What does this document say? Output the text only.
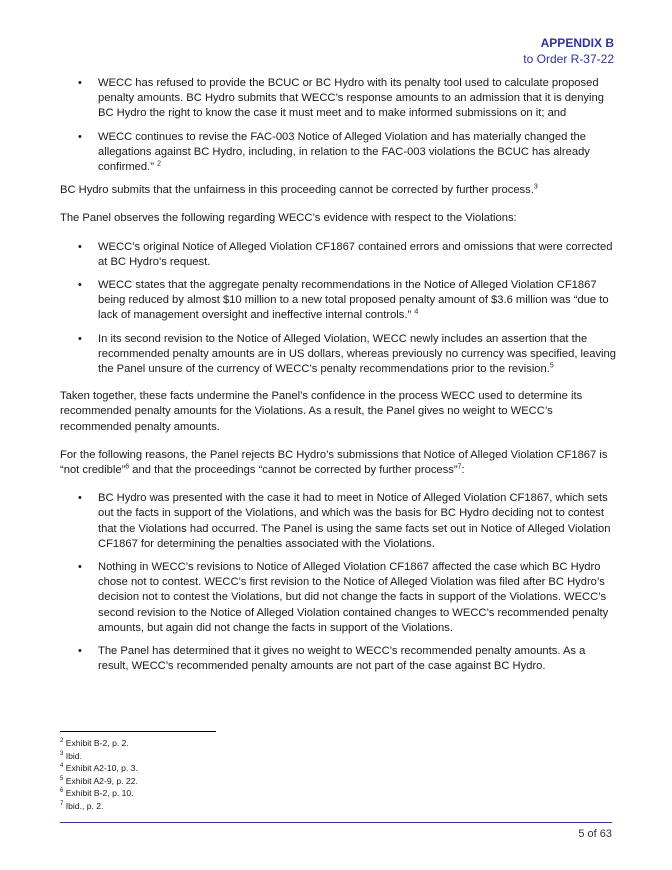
APPENDIX B
to Order R-37-22
• WECC has refused to provide the BCUC or BC Hydro with its penalty tool used to calculate proposed penalty amounts. BC Hydro submits that WECC’s response amounts to an admission that it is denying BC Hydro the right to know the case it must meet and to make informed submissions on it; and
• WECC continues to revise the FAC-003 Notice of Alleged Violation and has materially changed the allegations against BC Hydro, including, in relation to the FAC-003 violations the BCUC has already confirmed.” $^2$

BC Hydro submits that the unfairness in this proceeding cannot be corrected by further process.$^3$

The Panel observes the following regarding WECC’s evidence with respect to the Violations:

• WECC’s original Notice of Alleged Violation CF1867 contained errors and omissions that were corrected at BC Hydro’s request.
• WECC states that the aggregate penalty recommendations in the Notice of Alleged Violation CF1867 being reduced by almost $10 million to a new total proposed penalty amount of $3.6 million was “due to lack of management oversight and ineffective internal controls.” $^4$
• In its second revision to the Notice of Alleged Violation, WECC newly includes an assertion that the recommended penalty amounts are in US dollars, whereas previously no currency was specified, leaving the Panel unsure of the currency of WECC’s penalty recommendations prior to the revision.$^5$

Taken together, these facts undermine the Panel’s confidence in the process WECC used to determine its recommended penalty amounts for the Violations. As a result, the Panel gives no weight to WECC’s recommended penalty amounts.

For the following reasons, the Panel rejects BC Hydro’s submissions that Notice of Alleged Violation CF1867 is “not credible”$^6$ and that the proceedings “cannot be corrected by further process”$^7$:

• BC Hydro was presented with the case it had to meet in Notice of Alleged Violation CF1867, which sets out the facts in support of the Violations, and which was the basis for BC Hydro deciding not to contest that the Violations had occurred. The Panel is using the same facts set out in Notice of Alleged Violation CF1867 for determining the penalties associated with the Violations.
• Nothing in WECC’s revisions to Notice of Alleged Violation CF1867 affected the case which BC Hydro chose not to contest. WECC’s first revision to the Notice of Alleged Violation was filed after BC Hydro’s decision not to contest the Violations, but did not change the facts in support of the Violations. WECC’s second revision to the Notice of Alleged Violation contained changes to WECC’s recommended penalty amounts, but again did not change the facts in support of the Violations.
• The Panel has determined that it gives no weight to WECC’s recommended penalty amounts. As a result, WECC’s recommended penalty amounts are not part of the case against BC Hydro.
$^2$ Exhibit B-2, p. 2.
$^3$ Ibid.
$^4$ Exhibit A2-10, p. 3.
$^5$ Exhibit A2-9, p. 22.
$^6$ Exhibit B-2, p. 10.
$^7$ Ibid., p. 2.
5 of 63
